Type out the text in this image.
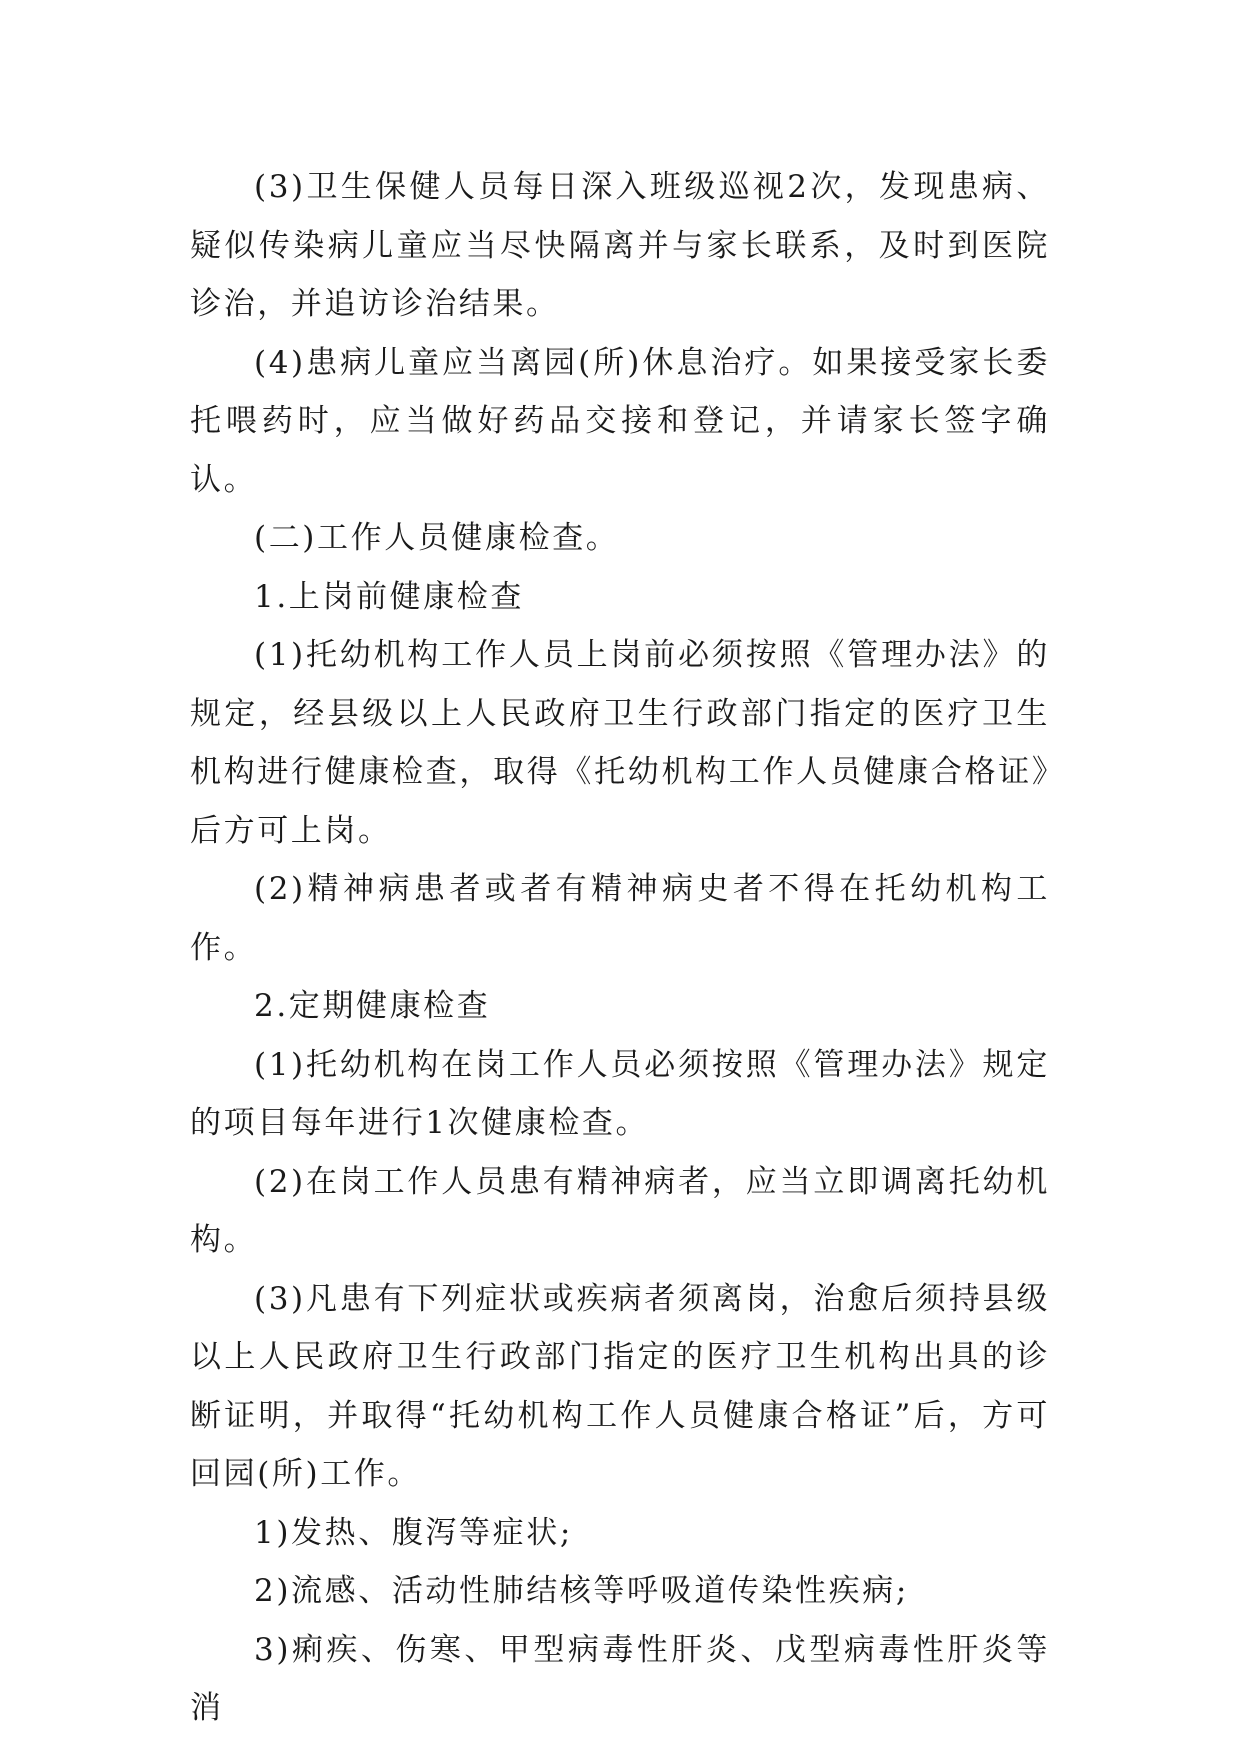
(3)卫生保健人员每日深入班级巡视2次，发现患病、疑似传染病儿童应当尽快隔离并与家长联系，及时到医院诊治，并追访诊治结果。

(4)患病儿童应当离园(所)休息治疗。如果接受家长委托喂药时，应当做好药品交接和登记，并请家长签字确认。

(二)工作人员健康检查。

1.上岗前健康检查

(1)托幼机构工作人员上岗前必须按照《管理办法》的规定，经县级以上人民政府卫生行政部门指定的医疗卫生机构进行健康检查，取得《托幼机构工作人员健康合格证》后方可上岗。

(2)精神病患者或者有精神病史者不得在托幼机构工作。

2.定期健康检查

(1)托幼机构在岗工作人员必须按照《管理办法》规定的项目每年进行1次健康检查。

(2)在岗工作人员患有精神病者，应当立即调离托幼机构。

(3)凡患有下列症状或疾病者须离岗，治愈后须持县级以上人民政府卫生行政部门指定的医疗卫生机构出具的诊断证明，并取得“托幼机构工作人员健康合格证”后，方可回园(所)工作。

1)发热、腹泻等症状;

2)流感、活动性肺结核等呼吸道传染性疾病;

3)痢疾、伤寒、甲型病毒性肝炎、戊型病毒性肝炎等消
